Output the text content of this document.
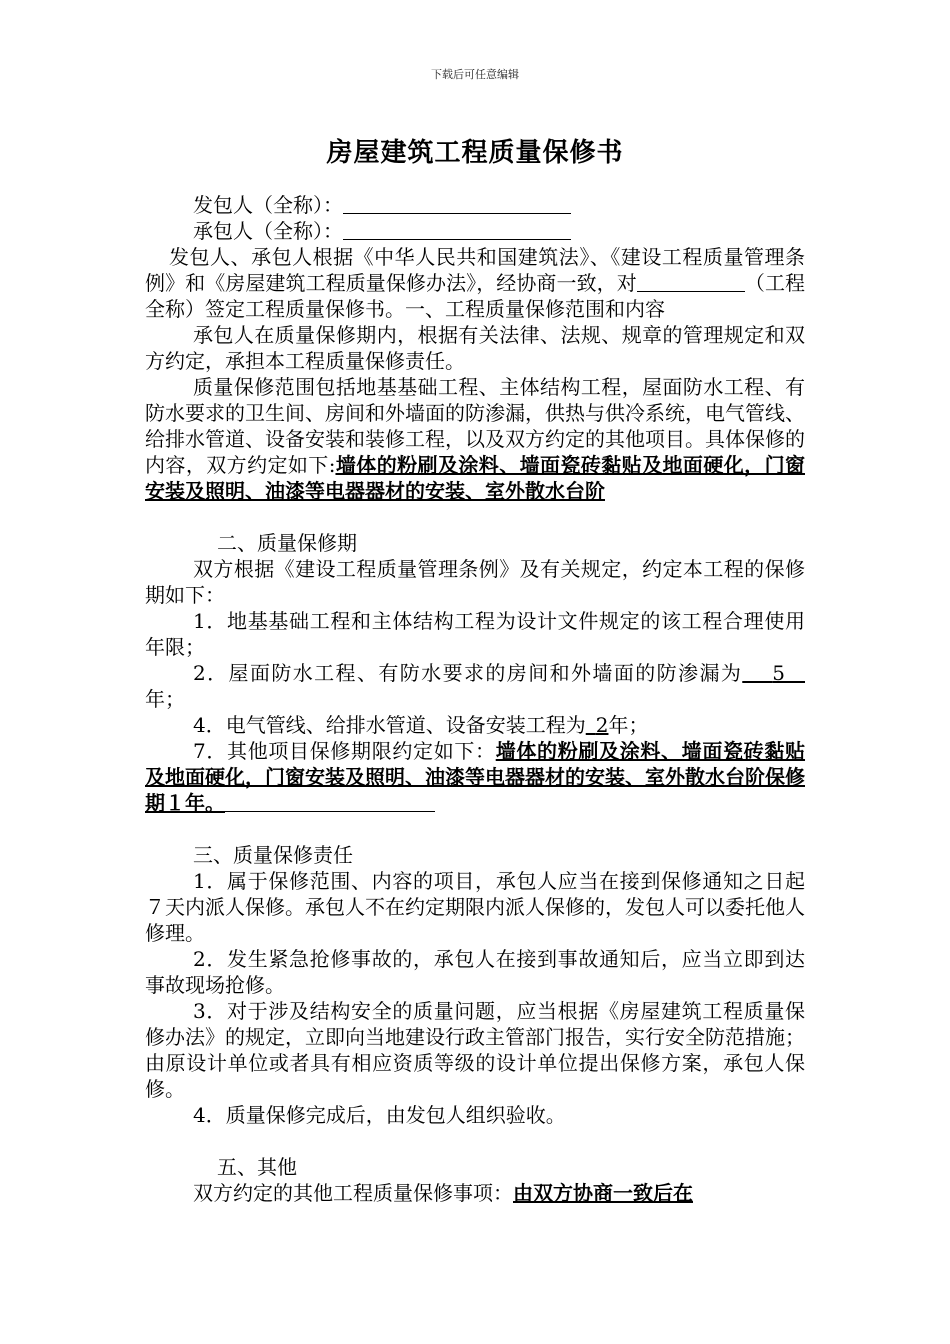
下载后可任意编辑
房屋建筑工程质量保修书
发包人（全称）：
承包人（全称）：

发包人、承包人根据《中华人民共和国建筑法》、《建设工程质量管理条例》和《房屋建筑工程质量保修办法》，经协商一致，对	（工程全称）签定工程质量保修书。一、工程质量保修范围和内容

承包人在质量保修期内，根据有关法律、法规、规章的管理规定和双方约定，承担本工程质量保修责任。

质量保修范围包括地基基础工程、主体结构工程，屋面防水工程、有防水要求的卫生间、房间和外墙面的防渗漏，供热与供冷系统，电气管线、给排水管道、设备安装和装修工程，以及双方约定的其他项目。具体保修的内容，双方约定如下:墙体的粉刷及涂料、墙面瓷砖黏贴及地面硬化，门窗安装及照明、油漆等电器器材的安装、室外散水台阶

二、质量保修期

双方根据《建设工程质量管理条例》及有关规定，约定本工程的保修期如下：

1．地基基础工程和主体结构工程为设计文件规定的该工程合理使用年限；

2．屋面防水工程、有防水要求的房间和外墙面的防渗漏为   5 年；

4．电气管线、给排水管道、设备安装工程为  2年；

7．其他项目保修期限约定如下：墙体的粉刷及涂料、墙面瓷砖黏贴及地面硬化，门窗安装及照明、油漆等电器器材的安装、室外散水台阶保修期１年。

三、质量保修责任

1．属于保修范围、内容的项目，承包人应当在接到保修通知之日起７天内派人保修。承包人不在约定期限内派人保修的，发包人可以委托他人修理。

2．发生紧急抢修事故的，承包人在接到事故通知后，应当立即到达事故现场抢修。

3．对于涉及结构安全的质量问题，应当根据《房屋建筑工程质量保修办法》的规定，立即向当地建设行政主管部门报告，实行安全防范措施；由原设计单位或者具有相应资质等级的设计单位提出保修方案，承包人保修。

4．质量保修完成后，由发包人组织验收。

五、其他

双方约定的其他工程质量保修事项：由双方协商一致后在
